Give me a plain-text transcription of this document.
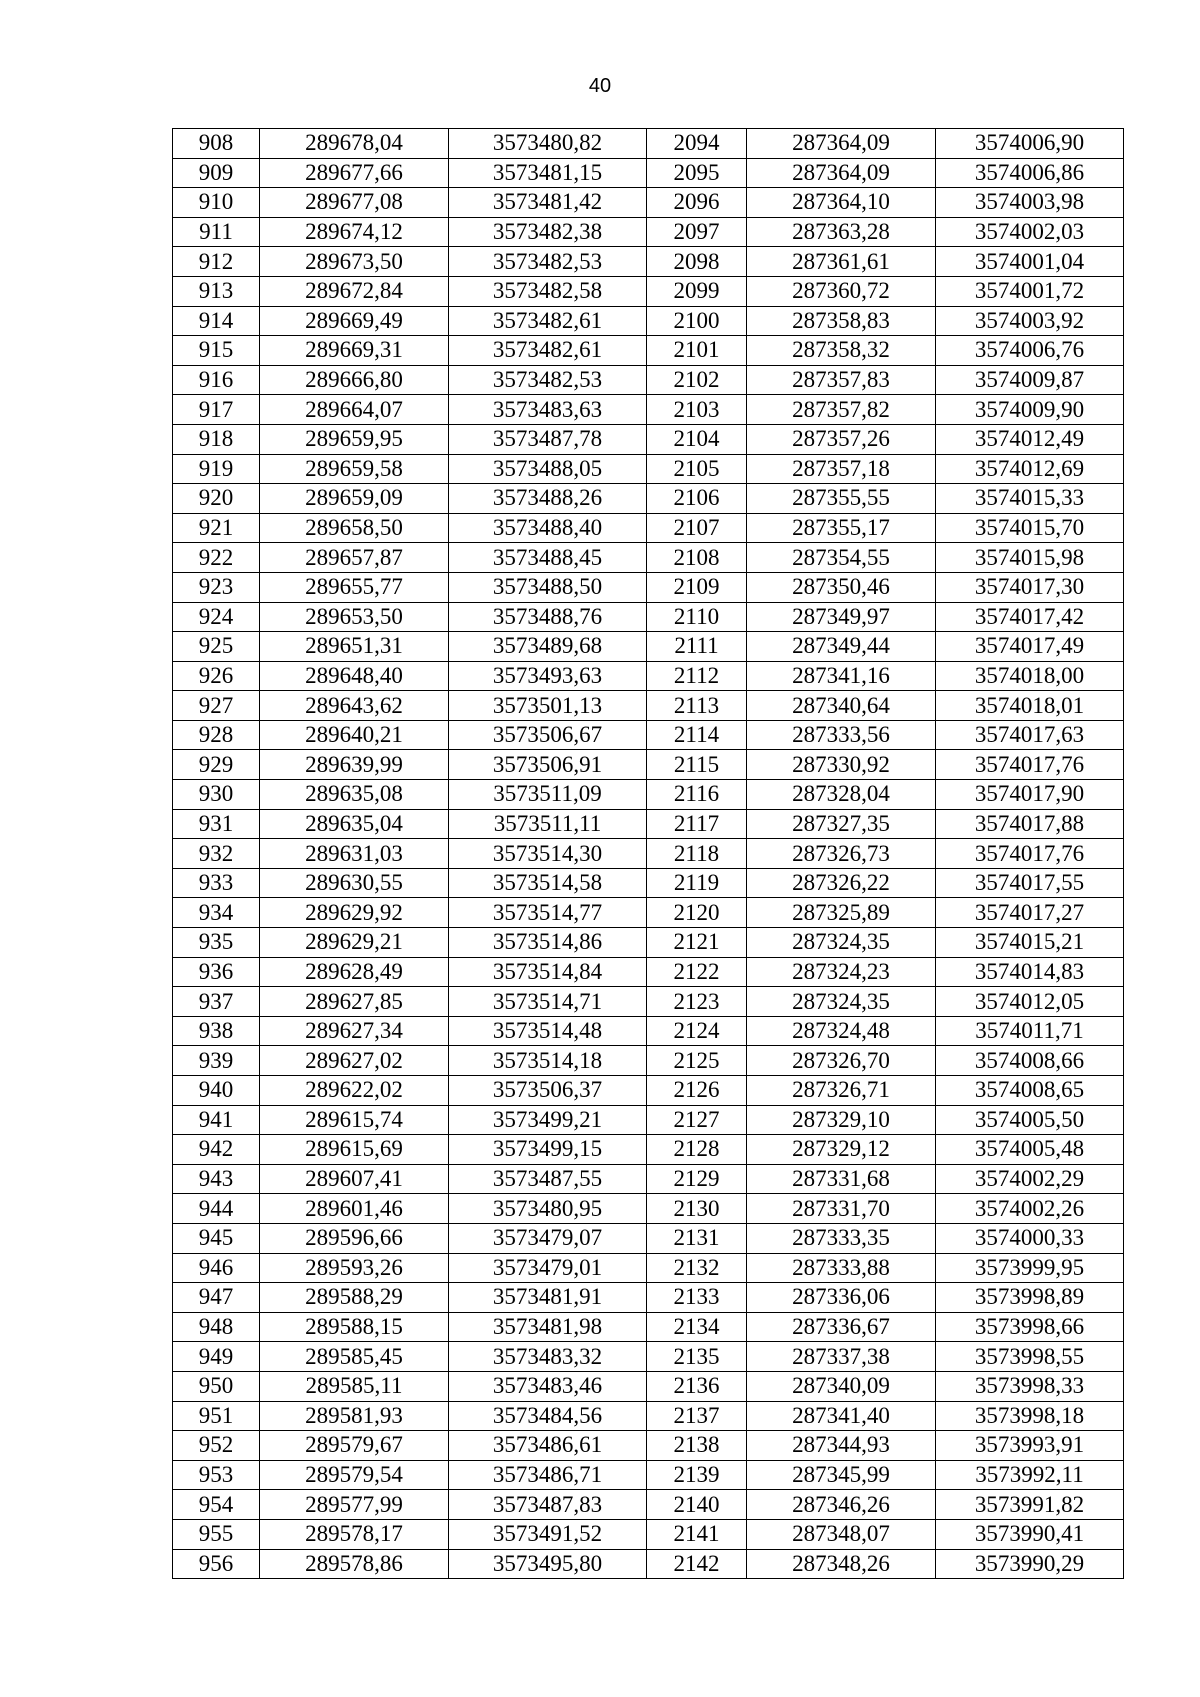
40
908	289678,04	3573480,82	2094	287364,09	3574006,90
909	289677,66	3573481,15	2095	287364,09	3574006,86
910	289677,08	3573481,42	2096	287364,10	3574003,98
911	289674,12	3573482,38	2097	287363,28	3574002,03
912	289673,50	3573482,53	2098	287361,61	3574001,04
913	289672,84	3573482,58	2099	287360,72	3574001,72
914	289669,49	3573482,61	2100	287358,83	3574003,92
915	289669,31	3573482,61	2101	287358,32	3574006,76
916	289666,80	3573482,53	2102	287357,83	3574009,87
917	289664,07	3573483,63	2103	287357,82	3574009,90
918	289659,95	3573487,78	2104	287357,26	3574012,49
919	289659,58	3573488,05	2105	287357,18	3574012,69
920	289659,09	3573488,26	2106	287355,55	3574015,33
921	289658,50	3573488,40	2107	287355,17	3574015,70
922	289657,87	3573488,45	2108	287354,55	3574015,98
923	289655,77	3573488,50	2109	287350,46	3574017,30
924	289653,50	3573488,76	2110	287349,97	3574017,42
925	289651,31	3573489,68	2111	287349,44	3574017,49
926	289648,40	3573493,63	2112	287341,16	3574018,00
927	289643,62	3573501,13	2113	287340,64	3574018,01
928	289640,21	3573506,67	2114	287333,56	3574017,63
929	289639,99	3573506,91	2115	287330,92	3574017,76
930	289635,08	3573511,09	2116	287328,04	3574017,90
931	289635,04	3573511,11	2117	287327,35	3574017,88
932	289631,03	3573514,30	2118	287326,73	3574017,76
933	289630,55	3573514,58	2119	287326,22	3574017,55
934	289629,92	3573514,77	2120	287325,89	3574017,27
935	289629,21	3573514,86	2121	287324,35	3574015,21
936	289628,49	3573514,84	2122	287324,23	3574014,83
937	289627,85	3573514,71	2123	287324,35	3574012,05
938	289627,34	3573514,48	2124	287324,48	3574011,71
939	289627,02	3573514,18	2125	287326,70	3574008,66
940	289622,02	3573506,37	2126	287326,71	3574008,65
941	289615,74	3573499,21	2127	287329,10	3574005,50
942	289615,69	3573499,15	2128	287329,12	3574005,48
943	289607,41	3573487,55	2129	287331,68	3574002,29
944	289601,46	3573480,95	2130	287331,70	3574002,26
945	289596,66	3573479,07	2131	287333,35	3574000,33
946	289593,26	3573479,01	2132	287333,88	3573999,95
947	289588,29	3573481,91	2133	287336,06	3573998,89
948	289588,15	3573481,98	2134	287336,67	3573998,66
949	289585,45	3573483,32	2135	287337,38	3573998,55
950	289585,11	3573483,46	2136	287340,09	3573998,33
951	289581,93	3573484,56	2137	287341,40	3573998,18
952	289579,67	3573486,61	2138	287344,93	3573993,91
953	289579,54	3573486,71	2139	287345,99	3573992,11
954	289577,99	3573487,83	2140	287346,26	3573991,82
955	289578,17	3573491,52	2141	287348,07	3573990,41
956	289578,86	3573495,80	2142	287348,26	3573990,29
